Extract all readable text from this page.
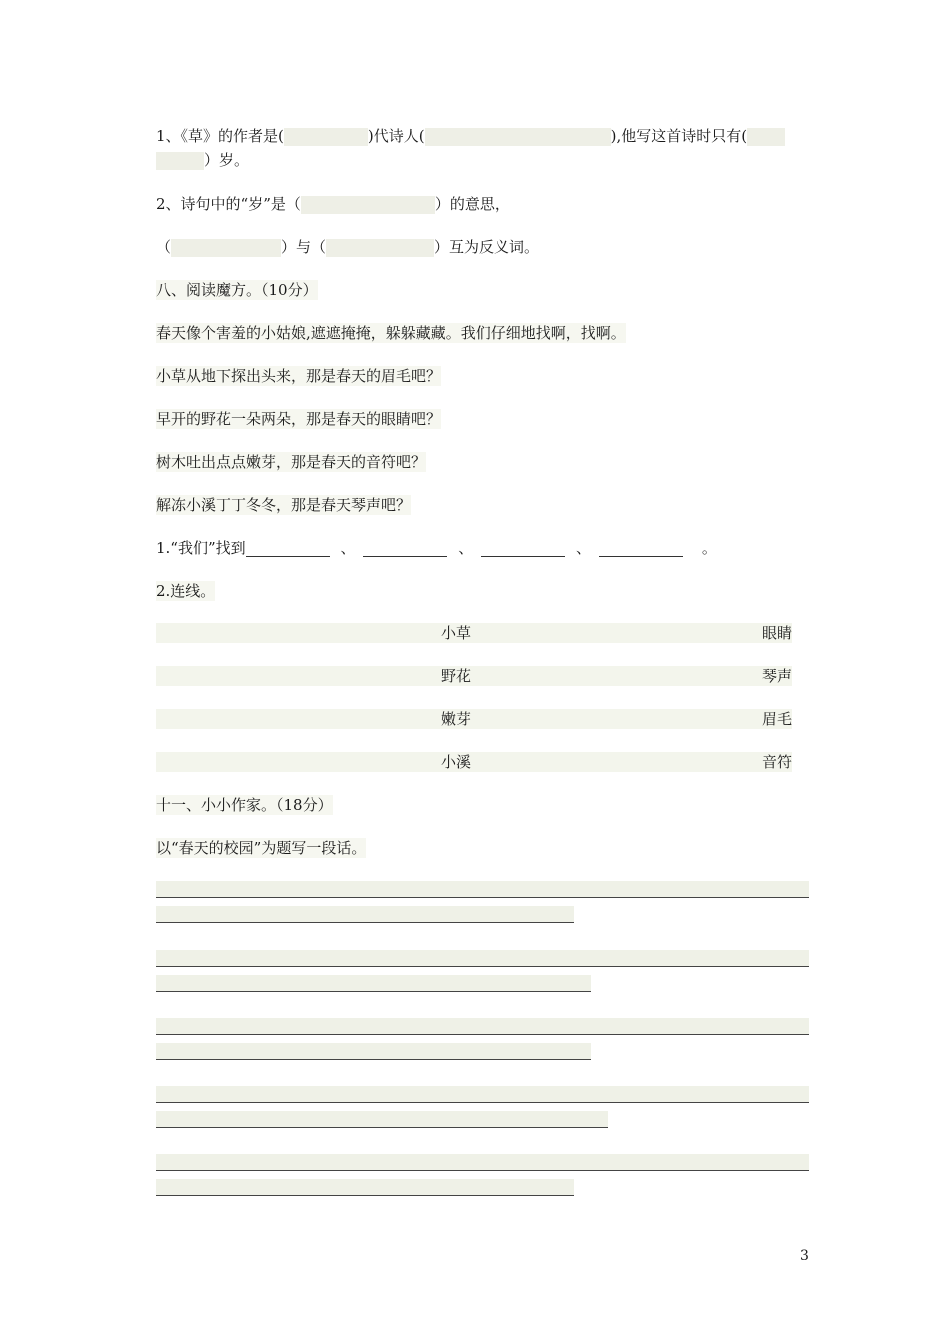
1、《草》的作者是(	)代诗人(	),他写这首诗时只有(
）岁。
2、诗句中的“岁”是（	）的意思，
（	）与（	）互为反义词。
八、阅读魔方。（10分）
春天像个害羞的小姑娘,遮遮掩掩，躲躲藏藏。我们仔细地找啊，找啊。
小草从地下探出头来，那是春天的眉毛吧？
早开的野花一朵两朵，那是春天的眼睛吧？
树木吐出点点嫩芽，那是春天的音符吧？
解冻小溪丁丁冬冬，那是春天琴声吧？
1.“我们”找到	、	、	、	。
2.连线。
小草	眼睛
野花	琴声
嫩芽	眉毛
小溪	音符
十一、小小作家。（18分）
以“春天的校园”为题写一段话。
3
